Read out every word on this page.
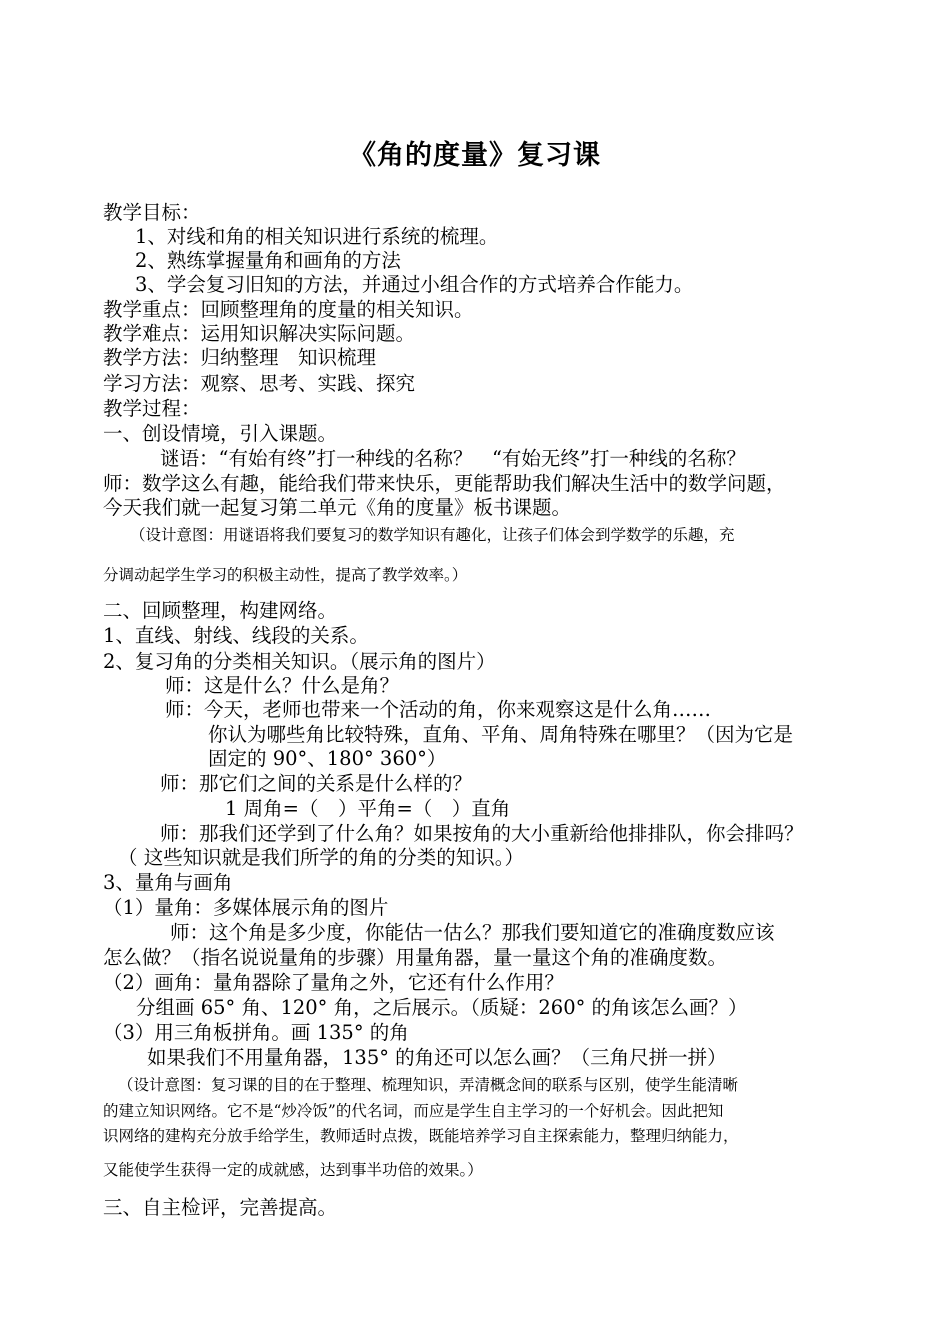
《角的度量》复习课
教学目标：
1、对线和角的相关知识进行系统的梳理。
2、熟练掌握量角和画角的方法
3、学会复习旧知的方法，并通过小组合作的方式培养合作能力。
教学重点：回顾整理角的度量的相关知识。
教学难点：运用知识解决实际问题。
教学方法：归纳整理　知识梳理
学习方法：观察、思考、实践、探究
教学过程：
一、创设情境，引入课题。
谜语：“有始有终”打一种线的名称？　“有始无终”打一种线的名称？
师：数学这么有趣，能给我们带来快乐，更能帮助我们解决生活中的数学问题，
今天我们就一起复习第二单元《角的度量》板书课题。
（设计意图：用谜语将我们要复习的数学知识有趣化，让孩子们体会到学数学的乐趣，充
分调动起学生学习的积极主动性，提高了教学效率。）
二、回顾整理，构建网络。
1、直线、射线、线段的关系。
2、复习角的分类相关知识。（展示角的图片）
师：这是什么？什么是角？
师：今天，老师也带来一个活动的角，你来观察这是什么角……
你认为哪些角比较特殊，直角、平角、周角特殊在哪里？（因为它是
固定的 90°、180° 360°）
师：那它们之间的关系是什么样的？
1 周角=（　）平角=（　）直角
师：那我们还学到了什么角？如果按角的大小重新给他排排队，你会排吗？
（ 这些知识就是我们所学的角的分类的知识。）
3、量角与画角
（1）量角：多媒体展示角的图片
师：这个角是多少度，你能估一估么？那我们要知道它的准确度数应该
怎么做？（指名说说量角的步骤）用量角器，量一量这个角的准确度数。
（2）画角：量角器除了量角之外，它还有什么作用？
分组画 65° 角、120° 角，之后展示。（质疑：260° 的角该怎么画？）
（3）用三角板拼角。画 135° 的角
如果我们不用量角器，135° 的角还可以怎么画？（三角尺拼一拼）
（设计意图：复习课的目的在于整理、梳理知识，弄清概念间的联系与区别，使学生能清晰
的建立知识网络。它不是“炒冷饭”的代名词，而应是学生自主学习的一个好机会。因此把知
识网络的建构充分放手给学生，教师适时点拨，既能培养学习自主探索能力，整理归纳能力，
又能使学生获得一定的成就感，达到事半功倍的效果。）
三、自主检评，完善提高。
